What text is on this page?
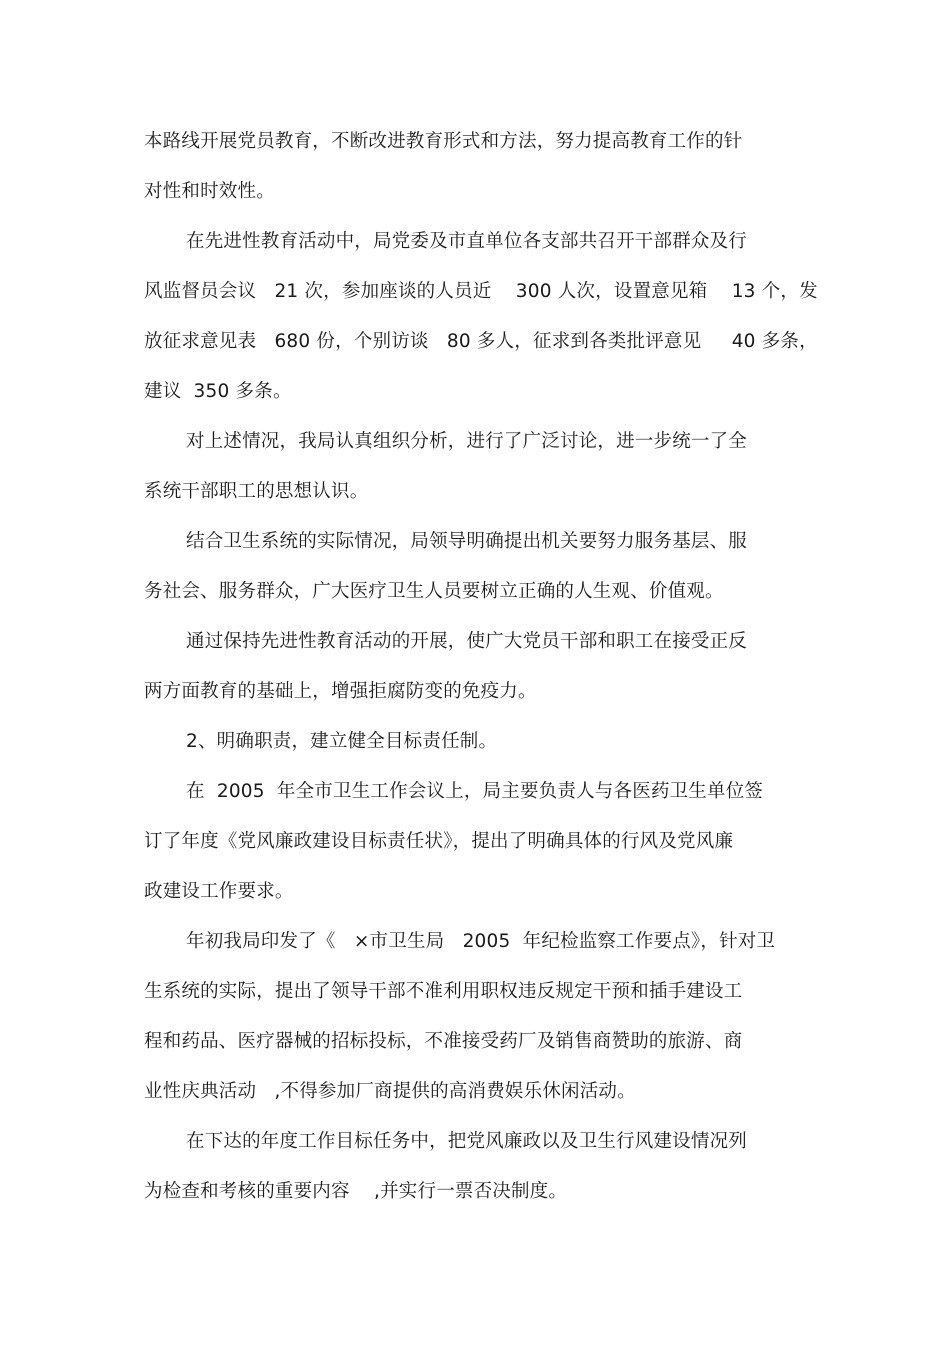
本路线开展党员教育，不断改进教育形式和方法，努力提高教育工作的针
对性和时效性。
在先进性教育活动中，局党委及市直单位各支部共召开干部群众及行
风监督员会议   21 次，参加座谈的人员近    300 人次，设置意见箱    13 个，发
放征求意见表   680 份，个别访谈   80 多人，征求到各类批评意见     40 多条，
建议  350 多条。
对上述情况，我局认真组织分析，进行了广泛讨论，进一步统一了全
系统干部职工的思想认识。
结合卫生系统的实际情况，局领导明确提出机关要努力服务基层、服
务社会、服务群众，广大医疗卫生人员要树立正确的人生观、价值观。
通过保持先进性教育活动的开展，使广大党员干部和职工在接受正反
两方面教育的基础上，增强拒腐防变的免疫力。
2、明确职责，建立健全目标责任制。
在  2005  年全市卫生工作会议上，局主要负责人与各医药卫生单位签
订了年度《党风廉政建设目标责任状》，提出了明确具体的行风及党风廉
政建设工作要求。
年初我局印发了《   ×市卫生局   2005  年纪检监察工作要点》，针对卫
生系统的实际，提出了领导干部不准利用职权违反规定干预和插手建设工
程和药品、医疗器械的招标投标，不准接受药厂及销售商赞助的旅游、商
业性庆典活动   ,不得参加厂商提供的高消费娱乐休闲活动。
在下达的年度工作目标任务中，把党风廉政以及卫生行风建设情况列
为检查和考核的重要内容    ,并实行一票否决制度。
